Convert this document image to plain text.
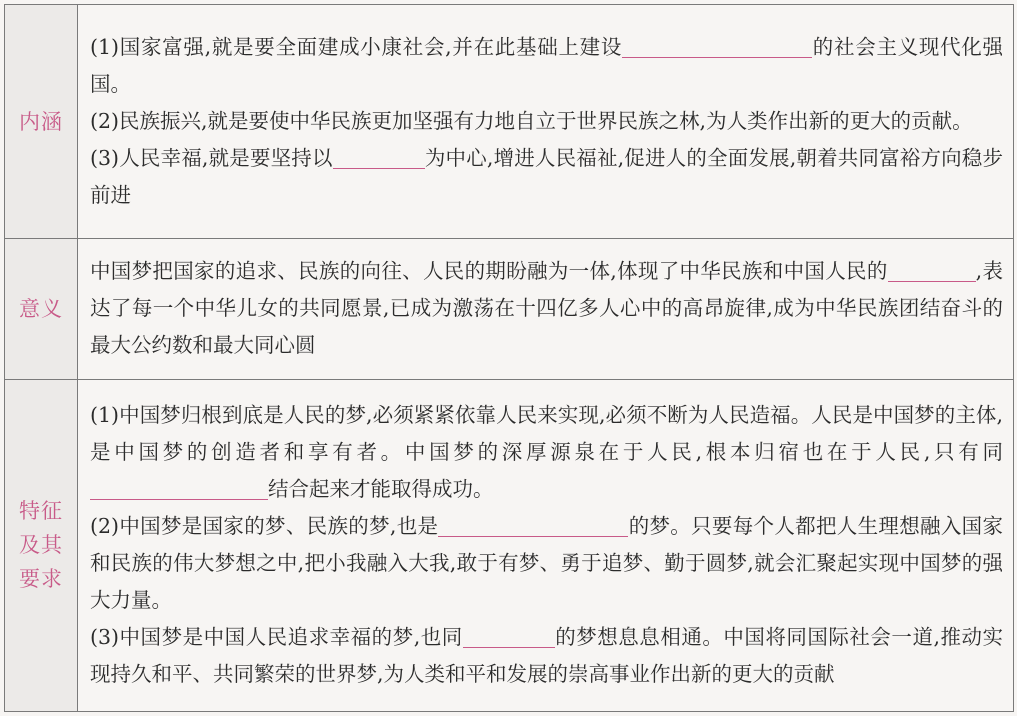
内涵	(1)国家富强,就是要全面建成小康社会,并在此基础上建设 的社会主义现代化强国。

(2)民族振兴,就是要使中华民族更加坚强有力地自立于世界民族之林,为人类作出新的更大的贡献。

(3)人民幸福,就是要坚持以 为中心,增进人民福祉,促进人的全面发展,朝着共同富裕方向稳步前进

意义	中国梦把国家的追求、民族的向往、人民的期盼融为一体,体现了中华民族和中国人民的 ,表达了每一个中华儿女的共同愿景,已成为激荡在十四亿多人心中的高昂旋律,成为中华民族团结奋斗的最大公约数和最大同心圆

特征及其要求	(1)中国梦归根到底是人民的梦,必须紧紧依靠人民来实现,必须不断为人民造福。人民是中国梦的主体,是中国梦的创造者和享有者。中国梦的深厚源泉在于人民,根本归宿也在于人民,只有同结合起来才能取得成功。

(2)中国梦是国家的梦、民族的梦,也是 的梦。只要每个人都把人生理想融入国家和民族的伟大梦想之中,把小我融入大我,敢于有梦、勇于追梦、勤于圆梦,就会汇聚起实现中国梦的强大力量。

(3)中国梦是中国人民追求幸福的梦,也同 的梦想息息相通。中国将同国际社会一道,推动实现持久和平、共同繁荣的世界梦,为人类和平和发展的崇高事业作出新的更大的贡献
